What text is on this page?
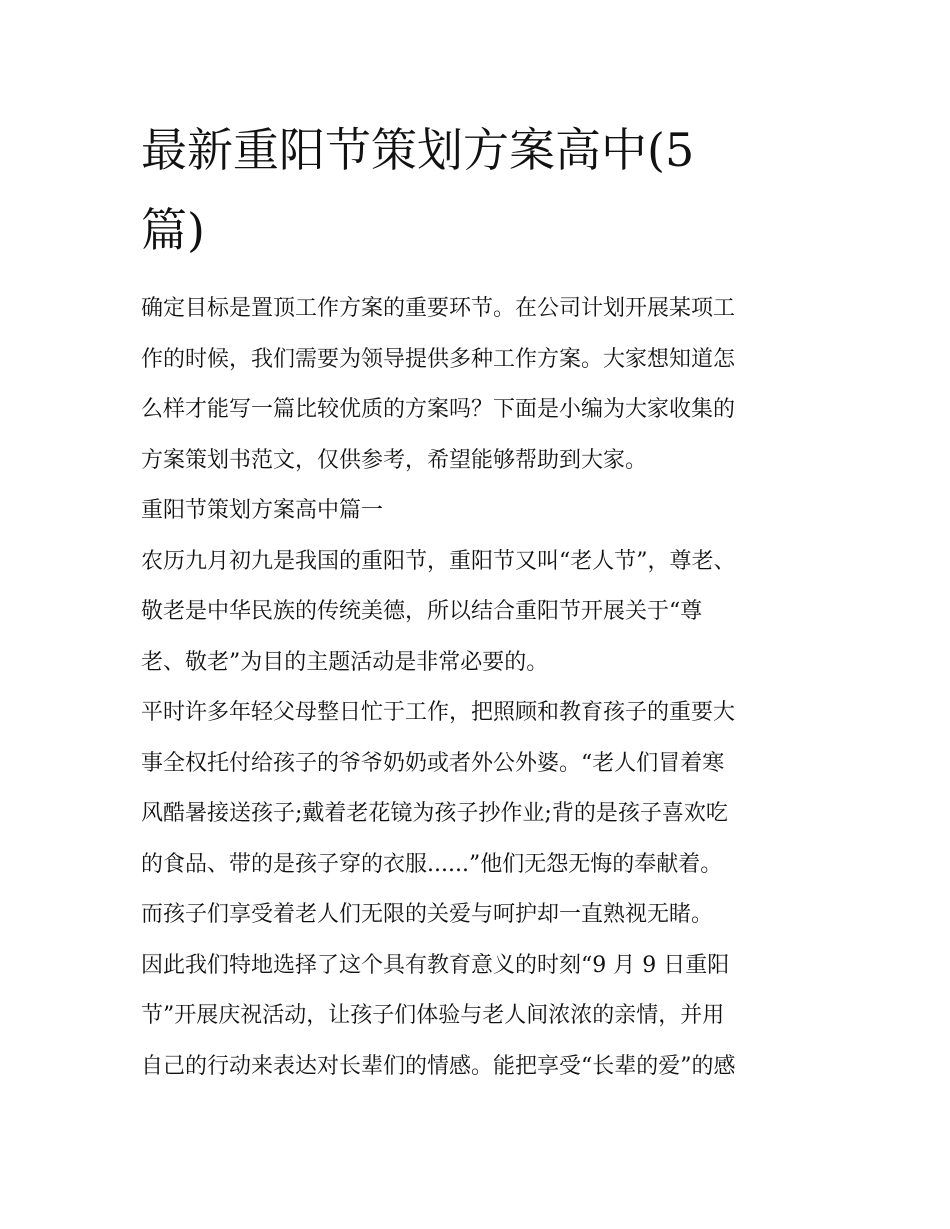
最新重阳节策划方案高中(5
篇)

确定目标是置顶工作方案的重要环节。在公司计划开展某项工
作的时候，我们需要为领导提供多种工作方案。大家想知道怎
么样才能写一篇比较优质的方案吗？下面是小编为大家收集的
方案策划书范文，仅供参考，希望能够帮助到大家。

重阳节策划方案高中篇一

农历九月初九是我国的重阳节，重阳节又叫“老人节”，尊老、
敬老是中华民族的传统美德，所以结合重阳节开展关于“尊
老、敬老”为目的主题活动是非常必要的。

平时许多年轻父母整日忙于工作，把照顾和教育孩子的重要大
事全权托付给孩子的爷爷奶奶或者外公外婆。“老人们冒着寒
风酷暑接送孩子;戴着老花镜为孩子抄作业;背的是孩子喜欢吃
的食品、带的是孩子穿的衣服......”他们无怨无悔的奉献着。
而孩子们享受着老人们无限的关爱与呵护却一直熟视无睹。
因此我们特地选择了这个具有教育意义的时刻“9 月 9 日重阳
节”开展庆祝活动，让孩子们体验与老人间浓浓的亲情，并用
自己的行动来表达对长辈们的情感。能把享受“长辈的爱”的感
